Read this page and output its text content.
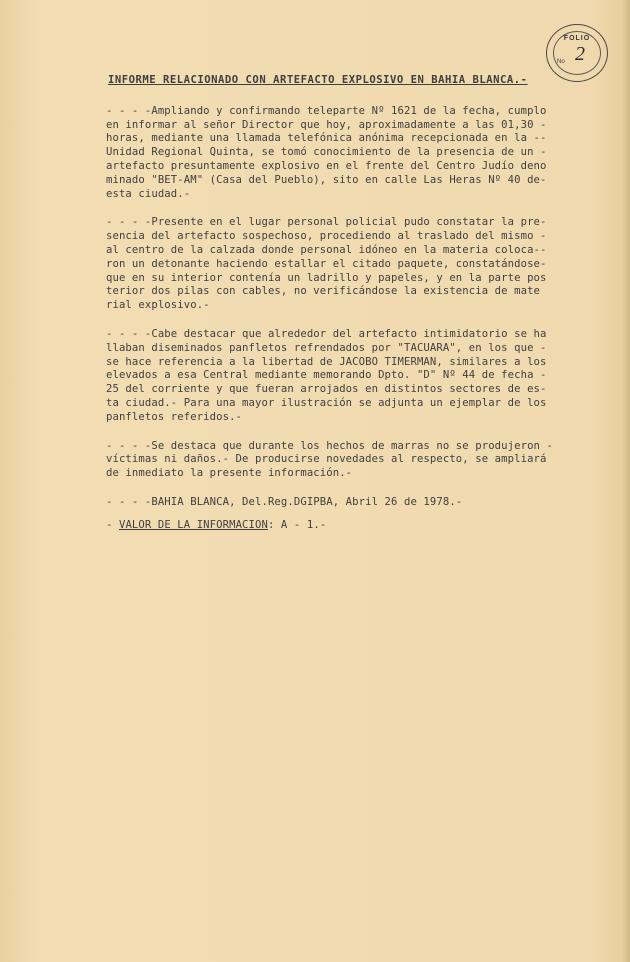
FOLIO
No 2
INFORME RELACIONADO CON ARTEFACTO EXPLOSIVO EN BAHIA BLANCA.-
- - - -Ampliando y confirmando teleparte Nº 1621 de la fecha, cumplo
en informar al señor Director que hoy, aproximadamente a las 01,30 -
horas, mediante una llamada telefónica anónima recepcionada en la --
Unidad Regional Quinta, se tomó conocimiento de la presencia de un -
artefacto presuntamente explosivo en el frente del Centro Judío deno
minado "BET-AM" (Casa del Pueblo), sito en calle Las Heras Nº 40 de-
esta ciudad.-
- - - -Presente en el lugar personal policial pudo constatar la pre-
sencia del artefacto sospechoso, procediendo al traslado del mismo -
al centro de la calzada donde personal idóneo en la materia coloca--
ron un detonante haciendo estallar el citado paquete, constatándose-
que en su interior contenía un ladrillo y papeles, y en la parte pos
terior dos pilas con cables, no verificándose la existencia de mate
rial explosivo.-
- - - -Cabe destacar que alrededor del artefacto intimidatorio se ha
llaban diseminados panfletos refrendados por "TACUARA", en los que -
se hace referencia a la libertad de JACOBO TIMERMAN, similares a los
elevados a esa Central mediante memorando Dpto. "D" Nº 44 de fecha -
25 del corriente y que fueran arrojados en distintos sectores de es-
ta ciudad.- Para una mayor ilustración se adjunta un ejemplar de los
panfletos referidos.-
- - - -Se destaca que durante los hechos de marras no se produjeron -
víctimas ni daños.- De producirse novedades al respecto, se ampliará
de inmediato la presente información.-
- - - -BAHIA BLANCA, Del.Reg.DGIPBA, Abril 26 de 1978.-
- VALOR DE LA INFORMACION: A - 1.-
